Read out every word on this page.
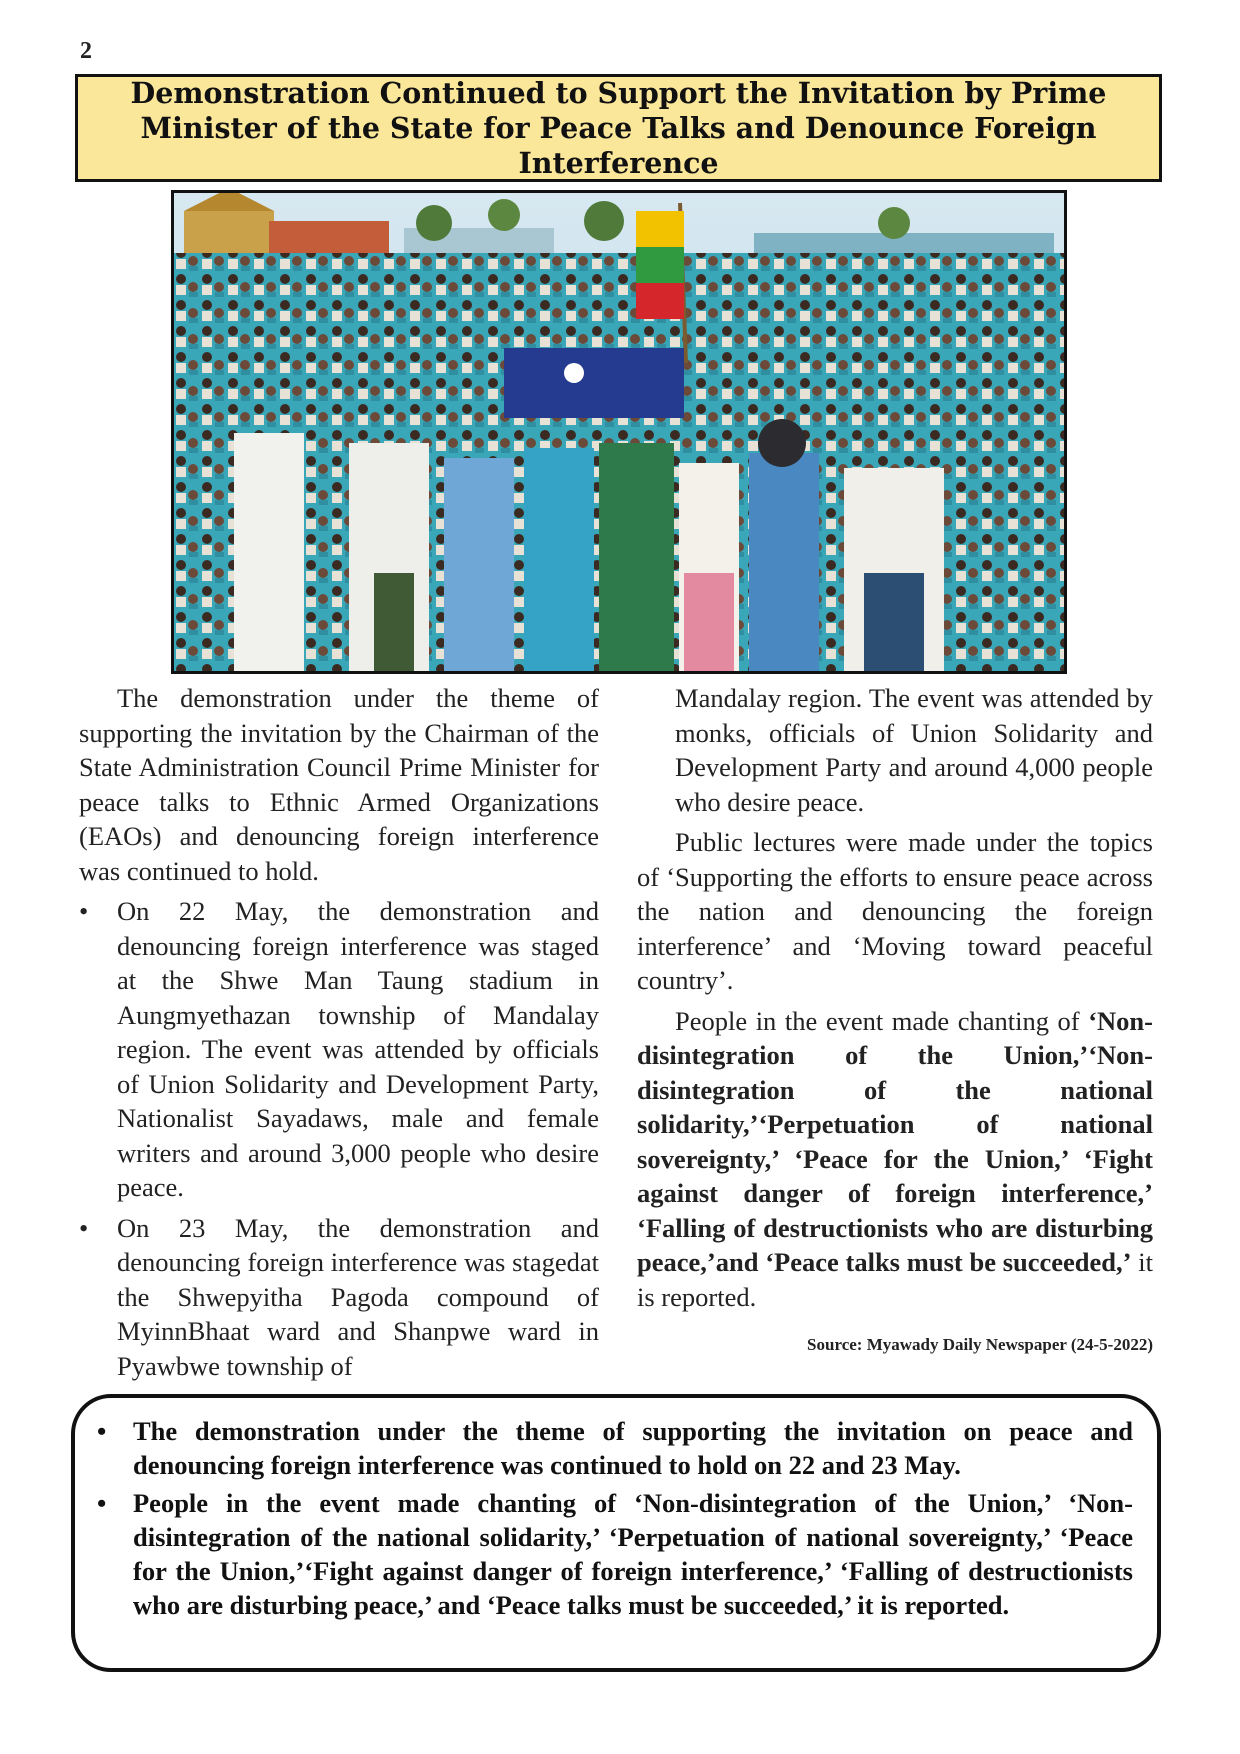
2
Demonstration Continued to Support the Invitation by Prime Minister of the State for Peace Talks and Denounce Foreign Interference

The demonstration under the theme of supporting the invitation by the Chairman of the State Administration Council Prime Minister for peace talks to Ethnic Armed Organizations (EAOs) and denouncing foreign interference was continued to hold.

• On 22 May, the demonstration and denouncing foreign interference was staged at the Shwe Man Taung stadium in Aungmyethazan township of Mandalay region. The event was attended by officials of Union Solidarity and Development Party, Nationalist Sayadaws, male and female writers and around 3,000 people who desire peace.
• On 23 May, the demonstration and denouncing foreign interference was stagedat the Shwepyitha Pagoda compound of MyinnBhaat ward and Shanpwe ward in Pyawbwe township of

Mandalay region. The event was attended by monks, officials of Union Solidarity and Development Party and around 4,000 people who desire peace.

Public lectures were made under the topics of ‘Supporting the efforts to ensure peace across the nation and denouncing the foreign interference’ and ‘Moving toward peaceful country’.

People in the event made chanting of ‘Non-disintegration of the Union,’‘Non-disintegration of the national solidarity,’‘Perpetuation of national sovereignty,’ ‘Peace for the Union,’ ‘Fight against danger of foreign interference,’ ‘Falling of destructionists who are disturbing peace,’and ‘Peace talks must be succeeded,’ it is reported.

Source: Myawady Daily Newspaper (24-5-2022)
• The demonstration under the theme of supporting the invitation on peace and denouncing foreign interference was continued to hold on 22 and 23 May.
• People in the event made chanting of ‘Non-disintegration of the Union,’ ‘Non-disintegration of the national solidarity,’ ‘Perpetuation of national sovereignty,’ ‘Peace for the Union,’‘Fight against danger of foreign interference,’ ‘Falling of destructionists who are disturbing peace,’ and ‘Peace talks must be succeeded,’ it is reported.
